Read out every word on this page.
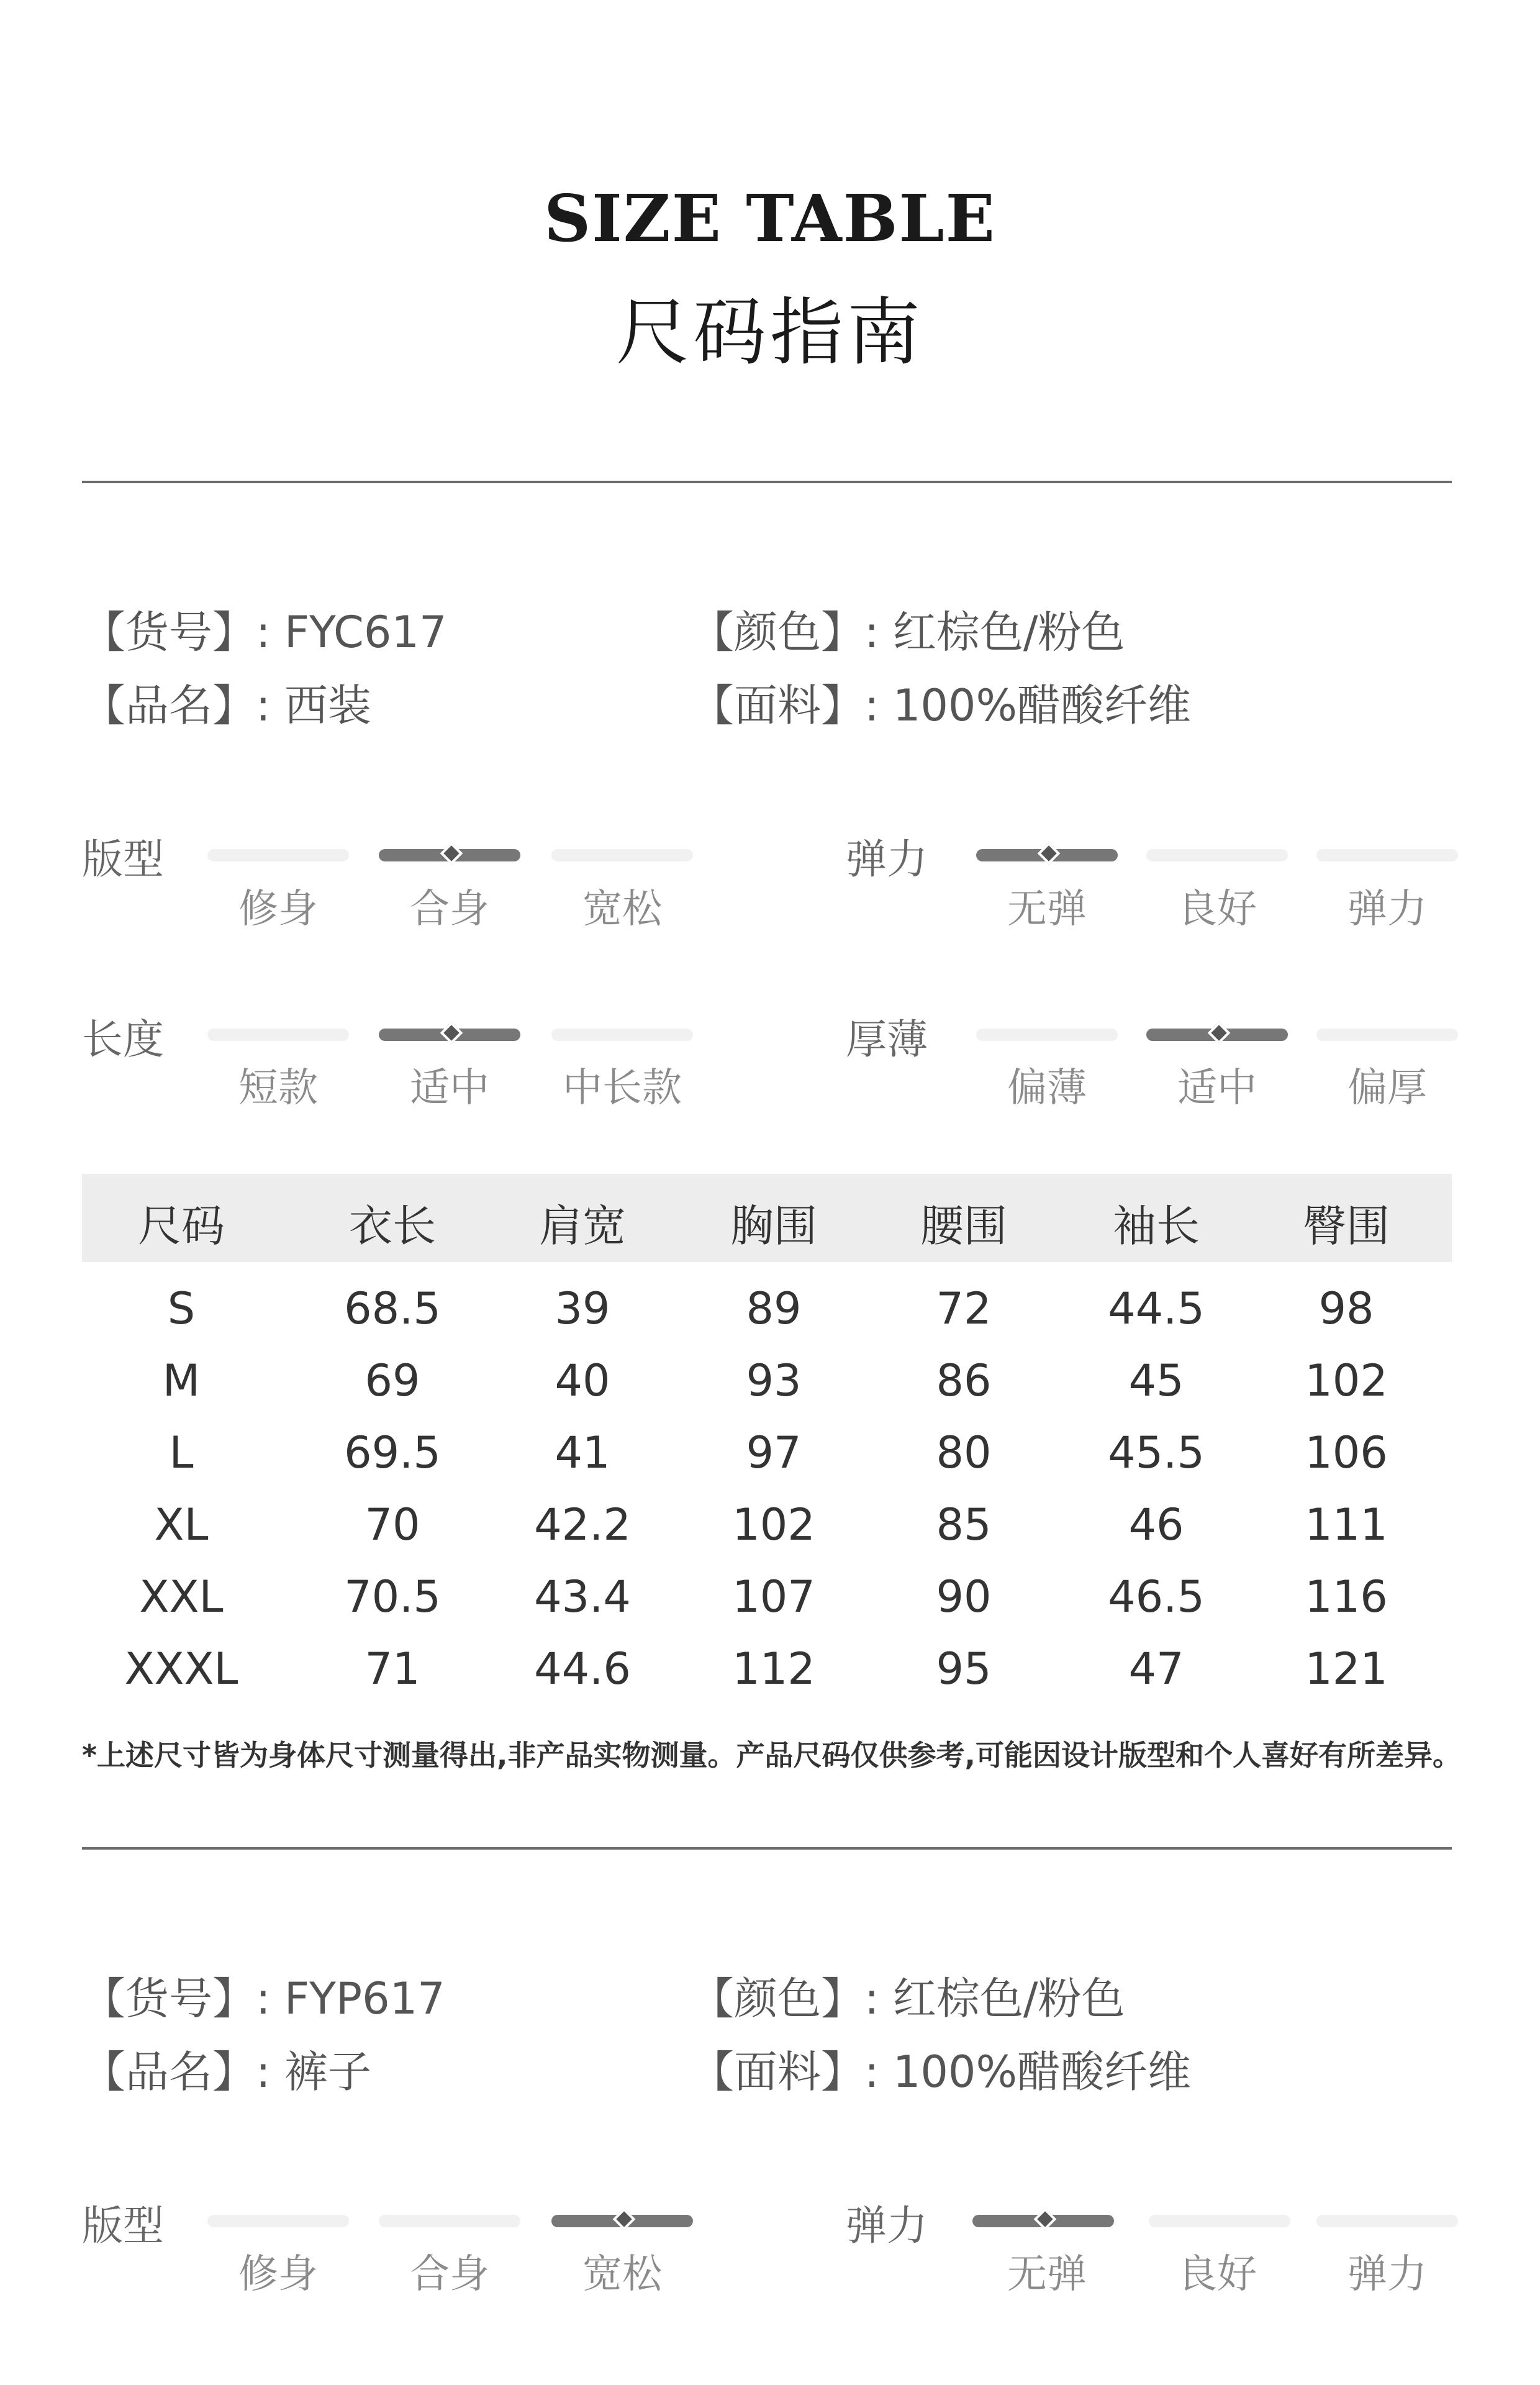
SIZE TABLE
尺码指南
【货号】: FYC617
【品名】: 西装
【颜色】: 红棕色/粉色
【面料】: 100%醋酸纤维
版型
修身	合身	宽松
弹力
无弹	良好	弹力
长度
短款	适中	中长款
厚薄
偏薄	适中	偏厚
尺码	衣长	肩宽	胸围	腰围	袖长	臀围
S	68.5	39	89	72	44.5	98
M	69	40	93	86	45	102
L	69.5	41	97	80	45.5	106
XL	70	42.2	102	85	46	111
XXL	70.5	43.4	107	90	46.5	116
XXXL	71	44.6	112	95	47	121
*上述尺寸皆为身体尺寸测量得出,非产品实物测量。产品尺码仅供参考,可能因设计版型和个人喜好有所差异。
【货号】: FYP617
【品名】: 裤子
【颜色】: 红棕色/粉色
【面料】: 100%醋酸纤维
版型
修身	合身	宽松
弹力
无弹	良好	弹力
